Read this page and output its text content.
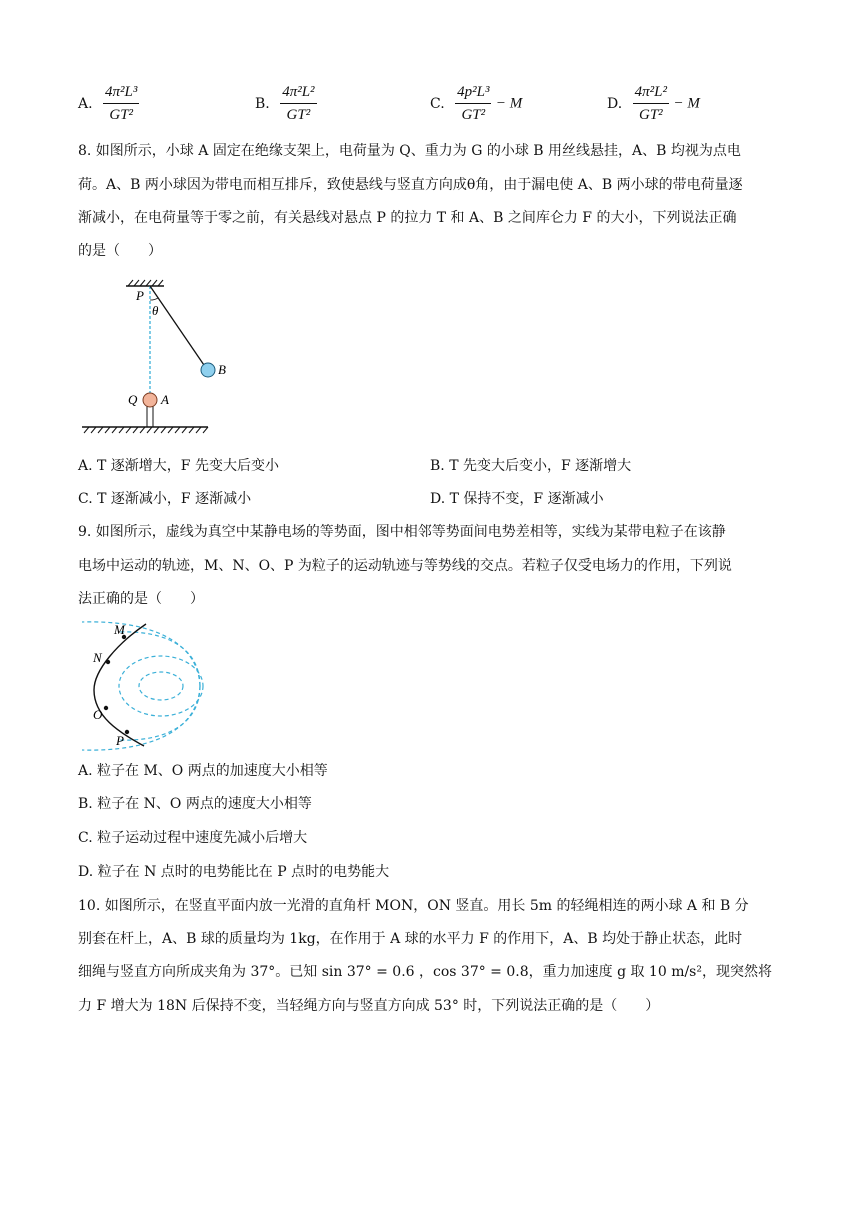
A. $\frac{\text{4π²L³}}{\text{GT²}}$	B. $\frac{\text{4π²L²}}{\text{GT²}}$	C. $\frac{\text{4p²L³}}{\text{GT²}} - M$	D. $\frac{\text{4π²L²}}{\text{GT²}} - M$
8. 如图所示，小球 A 固定在绝缘支架上，电荷量为 Q、重力为 G 的小球 B 用丝线悬挂，A、B 均视为点电
荷。A、B 两小球因为带电而相互排斥，致使悬线与竖直方向成θ角，由于漏电使 A、B 两小球的带电荷量逐
渐减小，在电荷量等于零之前，有关悬线对悬点 P 的拉力 T 和 A、B 之间库仑力 F 的大小，下列说法正确
的是（　　）
P
θ
B
Q A
A. T 逐渐增大，F 先变大后变小	B. T 先变大后变小，F 逐渐增大
C. T 逐渐减小，F 逐渐减小	D. T 保持不变，F 逐渐减小
9. 如图所示，虚线为真空中某静电场的等势面，图中相邻等势面间电势差相等，实线为某带电粒子在该静
电场中运动的轨迹，M、N、O、P 为粒子的运动轨迹与等势线的交点。若粒子仅受电场力的作用，下列说
法正确的是（　　）
M
N
O
P
A. 粒子在 M、O 两点的加速度大小相等
B. 粒子在 N、O 两点的速度大小相等
C. 粒子运动过程中速度先减小后增大
D. 粒子在 N 点时的电势能比在 P 点时的电势能大
10. 如图所示，在竖直平面内放一光滑的直角杆 MON，ON 竖直。用长 5m 的轻绳相连的两小球 A 和 B 分
别套在杆上，A、B 球的质量均为 1kg，在作用于 A 球的水平力 F 的作用下，A、B 均处于静止状态，此时
细绳与竖直方向所成夹角为 37°。已知 sin 37° = 0.6 ，cos 37° = 0.8，重力加速度 g 取 10 m/s²，现突然将
力 F 增大为 18N 后保持不变，当轻绳方向与竖直方向成 53° 时，下列说法正确的是（　　）
